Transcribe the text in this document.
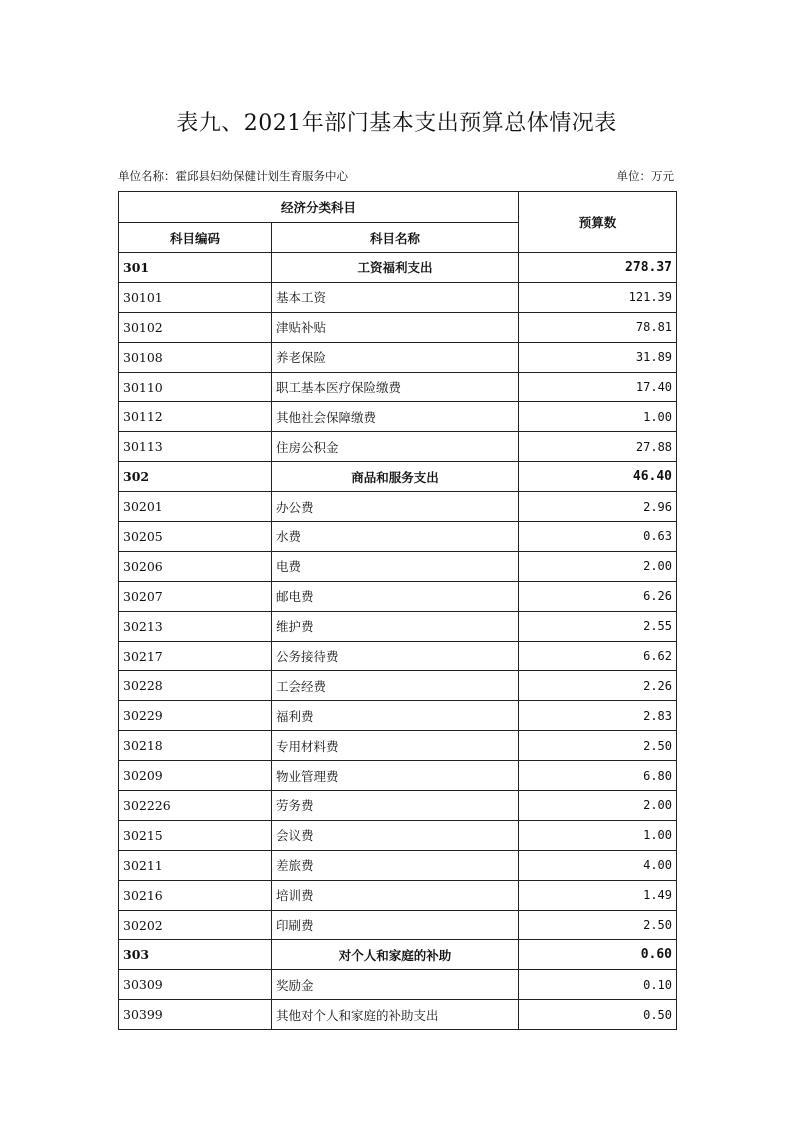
表九、2021年部门基本支出预算总体情况表
单位名称：霍邱县妇幼保健计划生育服务中心	单位：万元
经济分类科目		预算数
科目编码	科目名称	
301	工资福利支出	278.37
30101	基本工资	121.39
30102	津贴补贴	78.81
30108	养老保险	31.89
30110	职工基本医疗保险缴费	17.40
30112	其他社会保障缴费	1.00
30113	住房公积金	27.88
302	商品和服务支出	46.40
30201	办公费	2.96
30205	水费	0.63
30206	电费	2.00
30207	邮电费	6.26
30213	维护费	2.55
30217	公务接待费	6.62
30228	工会经费	2.26
30229	福利费	2.83
30218	专用材料费	2.50
30209	物业管理费	6.80
302226	劳务费	2.00
30215	会议费	1.00
30211	差旅费	4.00
30216	培训费	1.49
30202	印刷费	2.50
303	对个人和家庭的补助	0.60
30309	奖励金	0.10
30399	其他对个人和家庭的补助支出	0.50
